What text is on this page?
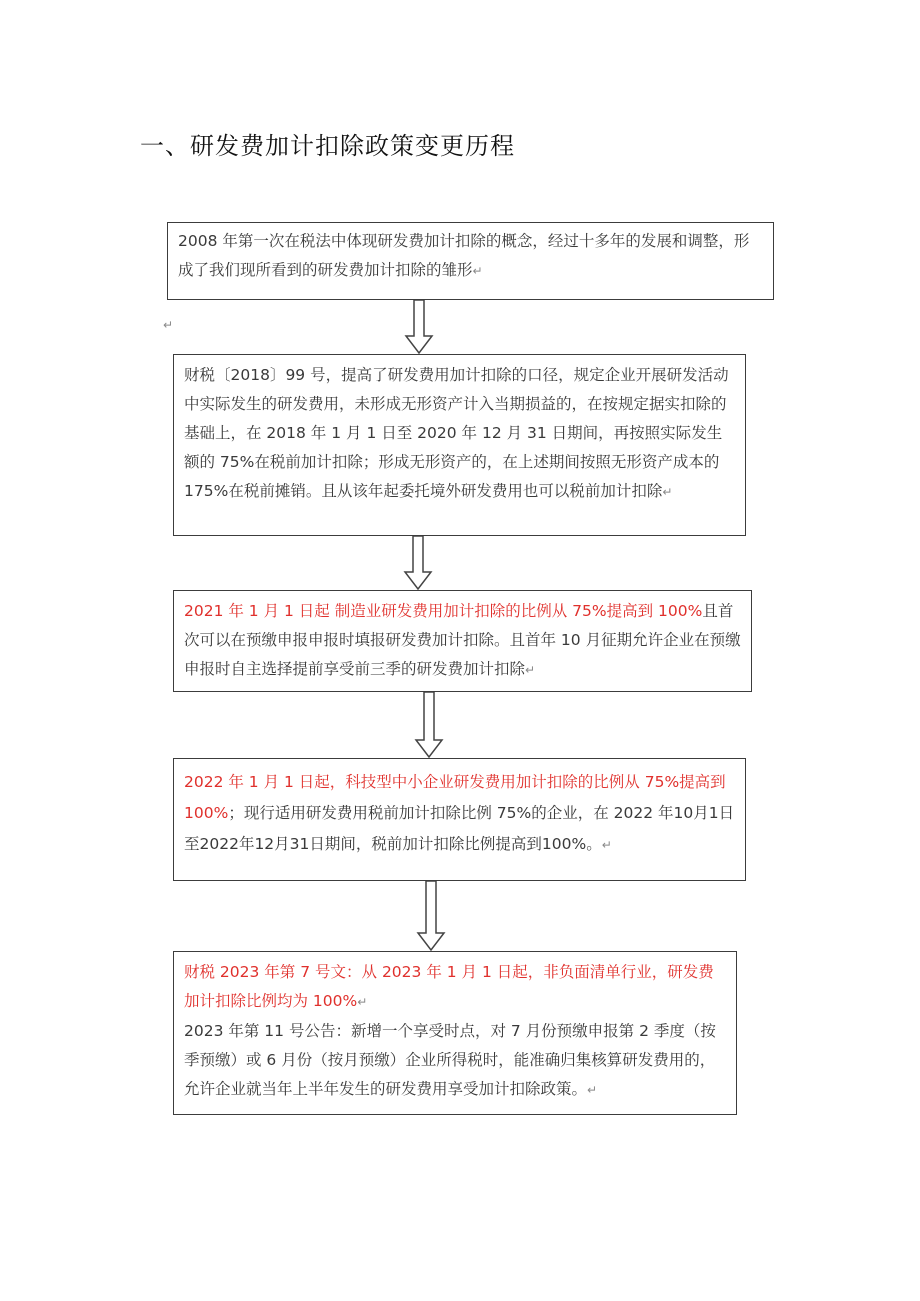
一、研发费加计扣除政策变更历程

2008 年第一次在税法中体现研发费加计扣除的概念，经过十多年的发展和调整，形成了我们现所看到的研发费加计扣除的雏形↵

↵

财税〔2018〕99 号，提高了研发费用加计扣除的口径，规定企业开展研发活动中实际发生的研发费用，未形成无形资产计入当期损益的，在按规定据实扣除的基础上，在 2018 年 1 月 1 日至 2020 年 12 月 31 日期间，再按照实际发生额的 75%在税前加计扣除；形成无形资产的，在上述期间按照无形资产成本的 175%在税前摊销。且从该年起委托境外研发费用也可以税前加计扣除↵

2021 年 1 月 1 日起 制造业研发费用加计扣除的比例从 75%提高到 100%且首次可以在预缴申报申报时填报研发费加计扣除。且首年 10 月征期允许企业在预缴申报时自主选择提前享受前三季的研发费加计扣除↵

2022 年 1 月 1 日起，科技型中小企业研发费用加计扣除的比例从 75%提高到 100%；现行适用研发费用税前加计扣除比例 75%的企业，在 2022 年10月1日至2022年12月31日期间，税前加计扣除比例提高到100%。↵

财税 2023 年第 7 号文：从 2023 年 1 月 1 日起，非负面清单行业，研发费加计扣除比例均为 100%↵

2023 年第 11 号公告：新增一个享受时点，对 7 月份预缴申报第 2 季度（按季预缴）或 6 月份（按月预缴）企业所得税时，能准确归集核算研发费用的，允许企业就当年上半年发生的研发费用享受加计扣除政策。↵
